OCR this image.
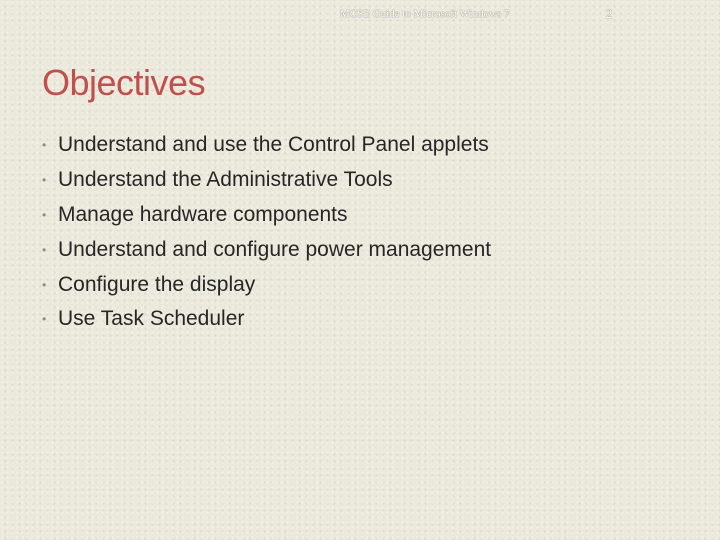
MCSE Guide to Microsoft Windows 7	2
Objectives
• Understand and use the Control Panel applets
• Understand the Administrative Tools
• Manage hardware components
• Understand and configure power management
• Configure the display
• Use Task Scheduler
